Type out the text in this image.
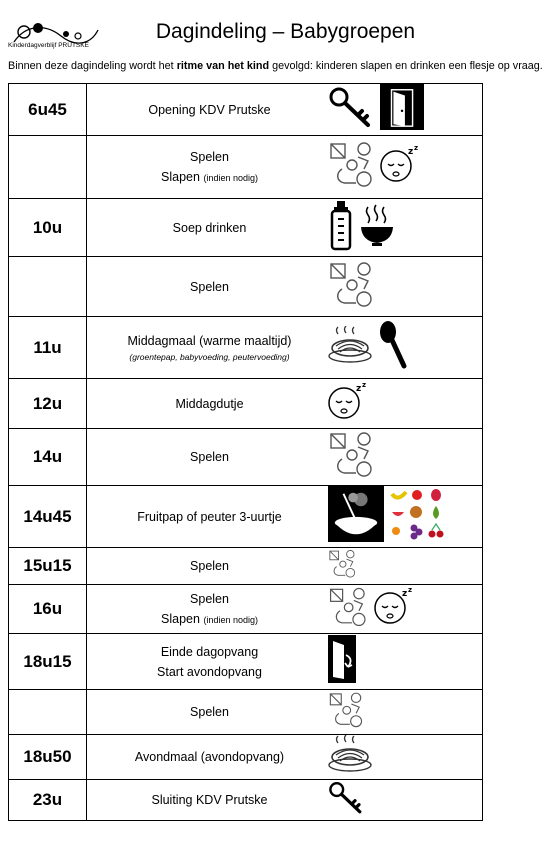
Kinderdagverblijf PRUTSKE
Dagindeling – Babygroepen
Binnen deze dagindeling wordt het ritme van het kind gevolgd: kinderen slapen en drinken een flesje op vraag.
6u45	Opening KDV Prutske

	Spelen
Slapen (indien nodig)

10u	Soep drinken

	Spelen

11u	Middagmaal (warme maaltijd)
(groentepap, babyvoeding, peutervoeding)

12u	Middagdutje

14u	Spelen

14u45	Fruitpap of peuter 3-uurtje

15u15	Spelen

16u	Spelen
Slapen (indien nodig)

18u15	Einde dagopvang
Start avondopvang

	Spelen

18u50	Avondmaal (avondopvang)

23u	Sluiting KDV Prutske
z z
z z
z z
